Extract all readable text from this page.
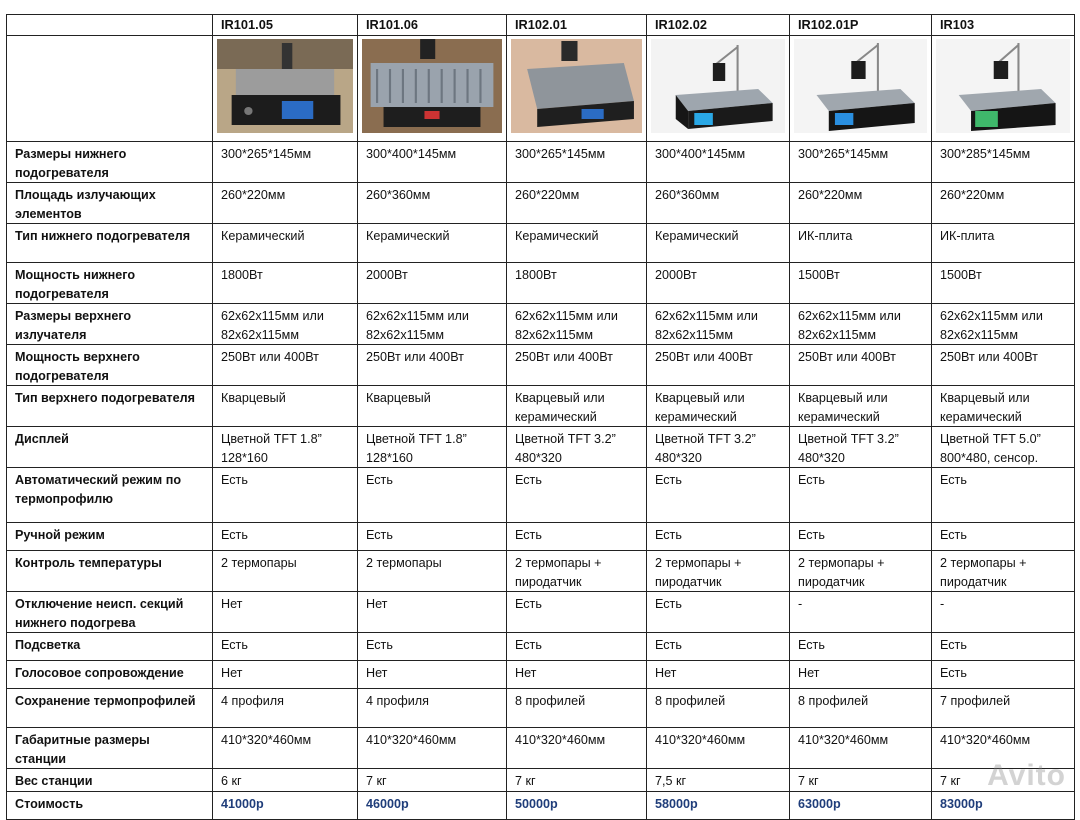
	IR101.05	IR101.06	IR102.01	IR102.02	IR102.01P	IR103

Размеры нижнего подогревателя	300*265*145мм	300*400*145мм	300*265*145мм	300*400*145мм	300*265*145мм	300*285*145мм
Площадь излучающих элементов	260*220мм	260*360мм	260*220мм	260*360мм	260*220мм	260*220мм
Тип нижнего подогревателя	Керамический	Керамический	Керамический	Керамический	ИК-плита	ИК-плита
Мощность нижнего подогревателя	1800Вт	2000Вт	1800Вт	2000Вт	1500Вт	1500Вт
Размеры верхнего излучателя	62x62x115мм или 82x62x115мм	62x62x115мм или 82x62x115мм	62x62x115мм или 82x62x115мм	62x62x115мм или 82x62x115мм	62x62x115мм или 82x62x115мм	62x62x115мм или 82x62x115мм
Мощность верхнего подогревателя	250Вт или 400Вт	250Вт или 400Вт	250Вт или 400Вт	250Вт или 400Вт	250Вт или 400Вт	250Вт или 400Вт
Тип верхнего подогревателя	Кварцевый	Кварцевый	Кварцевый или керамический	Кварцевый или керамический	Кварцевый или керамический	Кварцевый или керамический
Дисплей	Цветной TFT 1.8” 128*160	Цветной TFT 1.8” 128*160	Цветной TFT 3.2” 480*320	Цветной TFT 3.2” 480*320	Цветной TFT 3.2” 480*320	Цветной TFT 5.0” 800*480, сенсор.
Автоматический режим по термопрофилю	Есть	Есть	Есть	Есть	Есть	Есть
Ручной режим	Есть	Есть	Есть	Есть	Есть	Есть
Контроль температуры	2 термопары	2 термопары	2 термопары + пиродатчик	2 термопары + пиродатчик	2 термопары + пиродатчик	2 термопары + пиродатчик
Отключение неисп. секций нижнего подогрева	Нет	Нет	Есть	Есть	-	-
Подсветка	Есть	Есть	Есть	Есть	Есть	Есть
Голосовое сопровождение	Нет	Нет	Нет	Нет	Нет	Есть
Сохранение термопрофилей	4 профиля	4 профиля	8 профилей	8 профилей	8 профилей	7 профилей
Габаритные размеры станции	410*320*460мм	410*320*460мм	410*320*460мм	410*320*460мм	410*320*460мм	410*320*460мм
Вес станции	6 кг	7 кг	7 кг	7,5 кг	7 кг	7 кг
Стоимость	41000р	46000р	50000р	58000р	63000р	83000р
Avito
